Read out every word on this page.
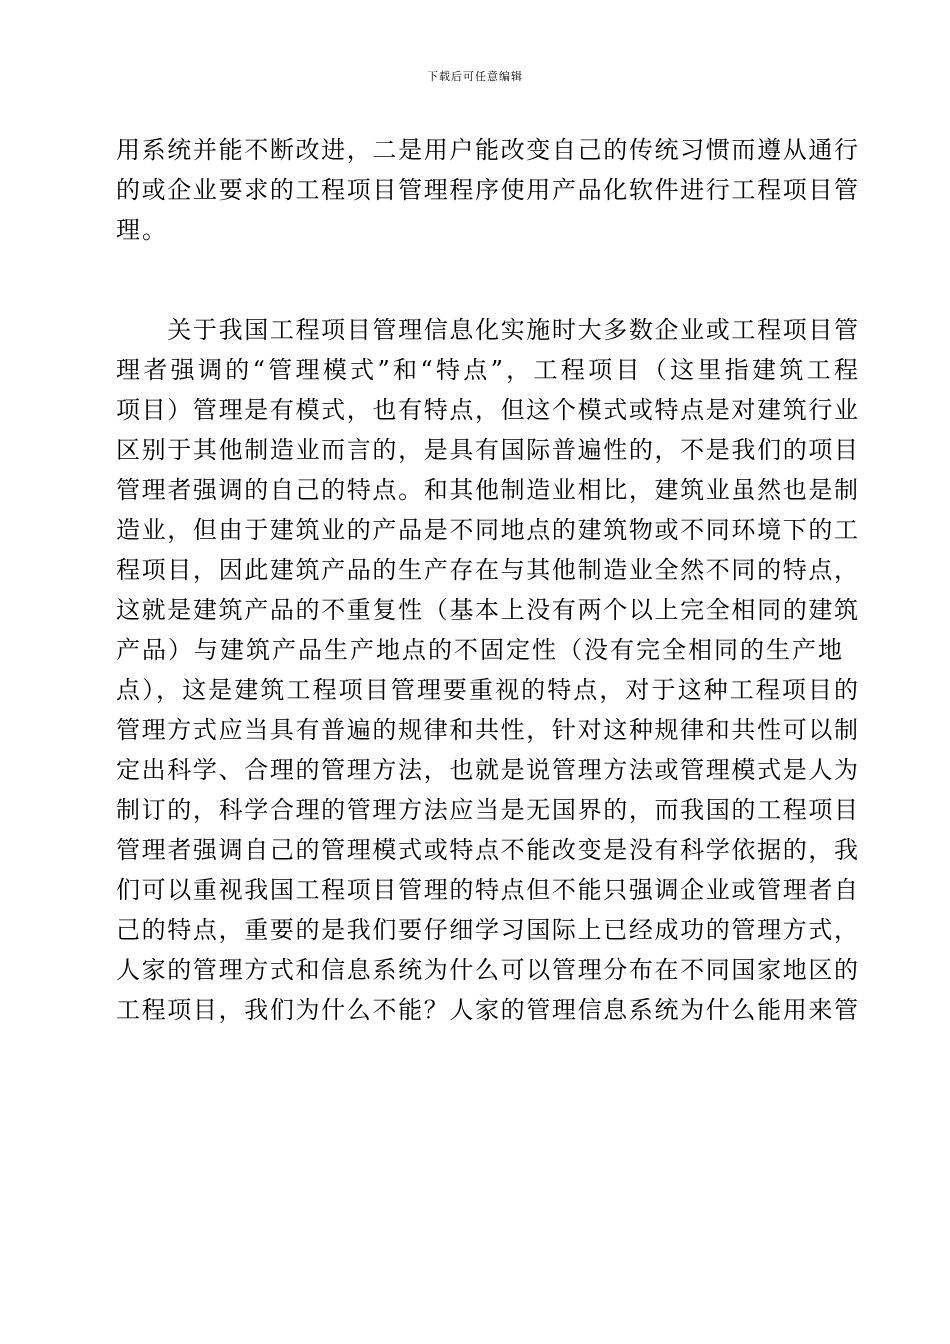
下载后可任意编辑
用系统并能不断改进，二是用户能改变自己的传统习惯而遵从通行
的或企业要求的工程项目管理程序使用产品化软件进行工程项目管
理。
　　关于我国工程项目管理信息化实施时大多数企业或工程项目管
理者强调的“管理模式”和“特点”，工程项目（这里指建筑工程
项目）管理是有模式，也有特点，但这个模式或特点是对建筑行业
区别于其他制造业而言的，是具有国际普遍性的，不是我们的项目
管理者强调的自己的特点。和其他制造业相比，建筑业虽然也是制
造业，但由于建筑业的产品是不同地点的建筑物或不同环境下的工
程项目，因此建筑产品的生产存在与其他制造业全然不同的特点，
这就是建筑产品的不重复性（基本上没有两个以上完全相同的建筑
产品）与建筑产品生产地点的不固定性（没有完全相同的生产地
点），这是建筑工程项目管理要重视的特点，对于这种工程项目的
管理方式应当具有普遍的规律和共性，针对这种规律和共性可以制
定出科学、合理的管理方法，也就是说管理方法或管理模式是人为
制订的，科学合理的管理方法应当是无国界的，而我国的工程项目
管理者强调自己的管理模式或特点不能改变是没有科学依据的，我
们可以重视我国工程项目管理的特点但不能只强调企业或管理者自
己的特点，重要的是我们要仔细学习国际上已经成功的管理方式，
人家的管理方式和信息系统为什么可以管理分布在不同国家地区的
工程项目，我们为什么不能？人家的管理信息系统为什么能用来管
